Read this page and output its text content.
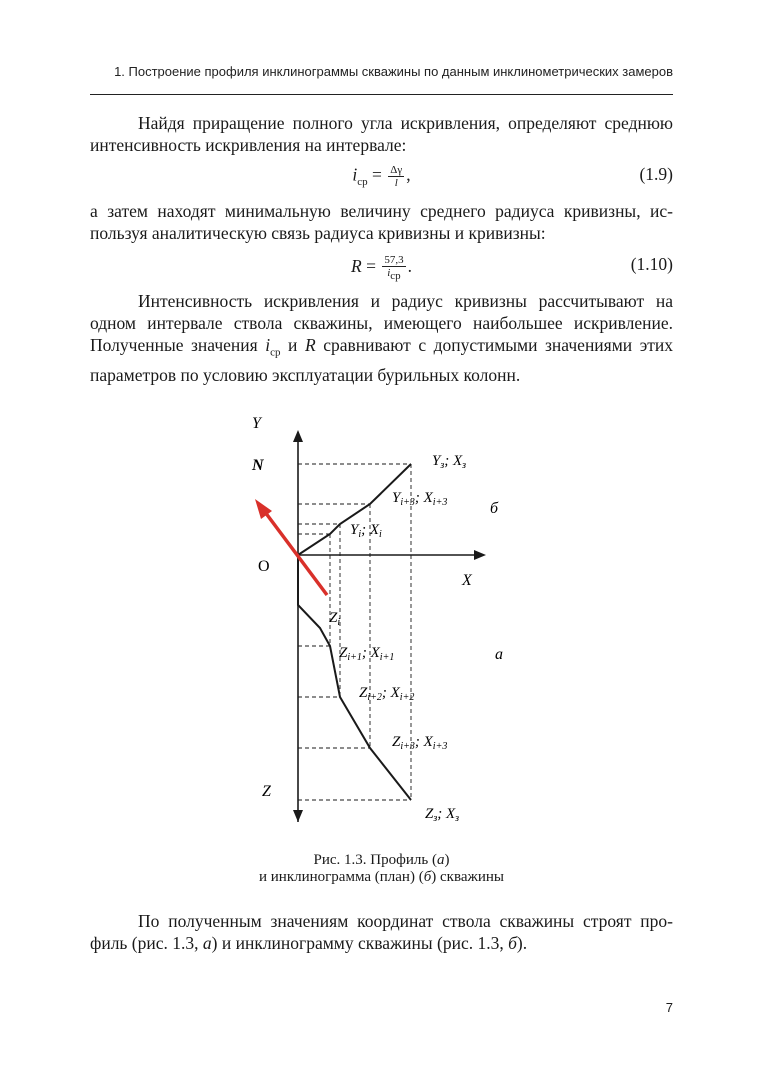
1. Построение профиля инклинограммы скважины по данным инклинометрических замеров
Найдя приращение полного угла искривления, определяют среднюю
интенсивность искривления на интервале:
$i_{ср} = \frac{\Delta\gamma}{l}$ ,	(1.9)
а затем находят минимальную величину среднего радиуса кривизны, ис-
пользуя аналитическую связь радиуса кривизны и кривизны:
$R = \frac{57,3}{i_{ср}}$ .	(1.10)
Интенсивность искривления и радиус кривизны рассчитывают на
одном интервале ствола скважины, имеющего наибольшее искривление.
Полученные значения $i_{ср}$ и R сравнивают с допустимыми значениями этих
параметров по условию эксплуатации бурильных колонн.
Y
N
O
X
Z
б
а
$Y_з$; $X_з$
$Y_{i+3}$; $X_{i+3}$
$Y_i$; $X_i$
$Z_i$
$Z_{i+1}$; $X_{i+1}$
$Z_{i+2}$; $X_{i+2}$
$Z_{i+3}$; $X_{i+3}$
$Z_з$; $X_з$
Рис. 1.3. Профиль (а)
и инклинограмма (план) (б) скважины
По полученным значениям координат ствола скважины строят про-
филь (рис. 1.3, а) и инклинограмму скважины (рис. 1.3, б).
7
